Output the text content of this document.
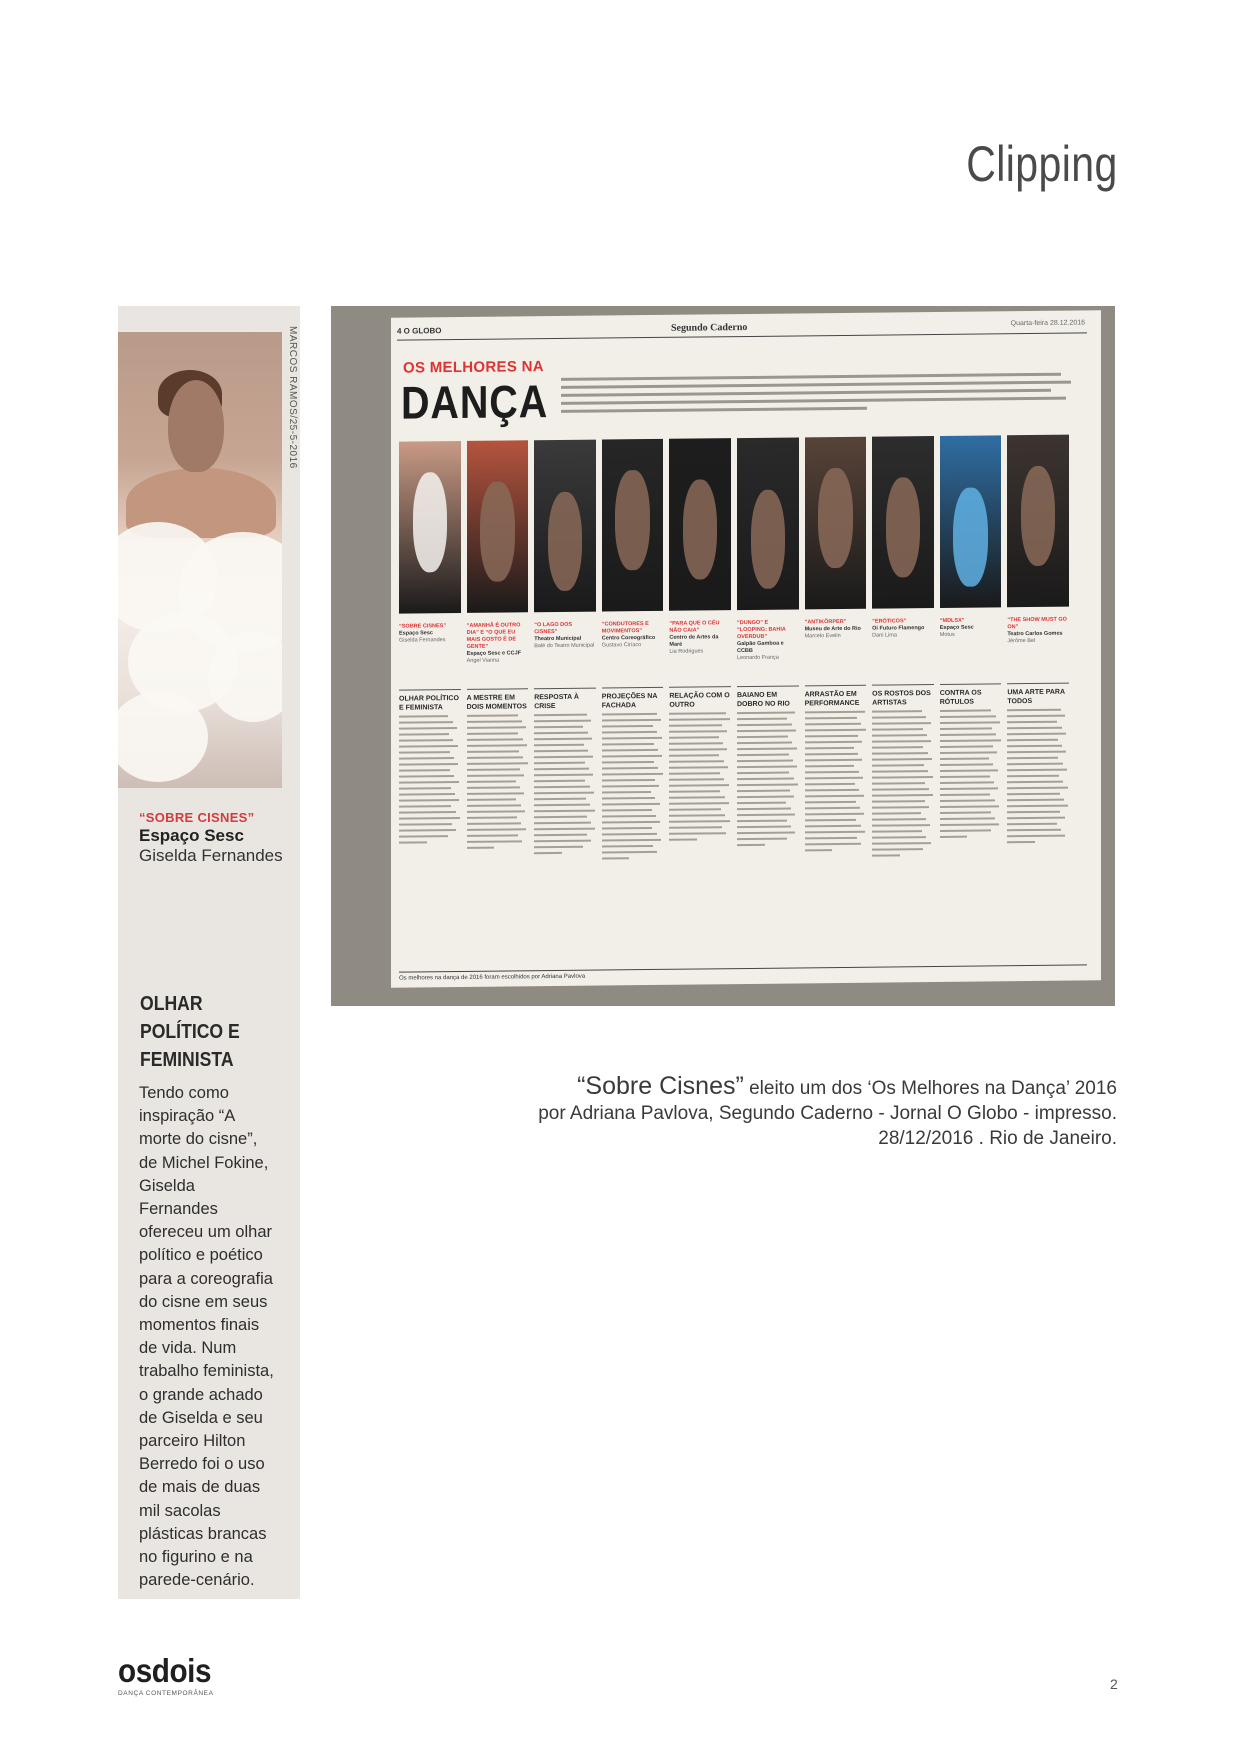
Clipping
MARCOS RAMOS/25-5-2016
“SOBRE CISNES”
Espaço Sesc
Giselda Fernandes
OLHAR POLÍTICO E FEMINISTA
Tendo como
inspiração “A
morte do cisne”,
de Michel Fokine,
Giselda
Fernandes
ofereceu um olhar
político e poético
para a coreografia
do cisne em seus
momentos finais
de vida. Num
trabalho feminista,
o grande achado
de Giselda e seu
parceiro Hilton
Berredo foi o uso
de mais de duas
mil sacolas
plásticas brancas
no figurino e na
parede-cenário.
4 O GLOBO	Segundo Caderno	Quarta-feira 28.12.2016
OS MELHORES NA
DANÇA
“SOBRE CISNES”
Espaço Sesc
Giselda Fernandes
“AMANHÃ É OUTRO DIA” E “O QUE EU MAIS GOSTO É DE GENTE”
Espaço Sesc e CCJF
Angel Vianna
“O LAGO DOS CISNES”
Theatro Municipal
Balé do Teatro Municipal
“CONDUTORES E MOVIMENTOS”
Centro Coreográfico
Gustavo Ciríaco
“PARA QUE O CÉU NÃO CAIA”
Centro de Artes da Maré
Lia Rodrigues
“DUNGO” E “LOOPING: BAHIA OVERDUB”
Galpão Gamboa e CCBB
Leonardo França
“ANTIKÖRPER”
Museu de Arte do Rio
Marcelo Evelin
“ERÓTICOS”
Oi Futuro Flamengo
Dani Lima
“MDLSX”
Espaço Sesc
Motus
“THE SHOW MUST GO ON”
Teatro Carlos Gomes
Jérôme Bel
OLHAR POLÍTICO E FEMINISTA
A MESTRE EM DOIS MOMENTOS
RESPOSTA À CRISE
PROJEÇÕES NA FACHADA
RELAÇÃO COM O OUTRO
BAIANO EM DOBRO NO RIO
ARRASTÃO EM PERFORMANCE
OS ROSTOS DOS ARTISTAS
CONTRA OS RÓTULOS
UMA ARTE PARA TODOS
Os melhores na dança de 2016 foram escolhidos por Adriana Pavlova
“Sobre Cisnes” eleito um dos ‘Os Melhores na Dança’ 2016
por Adriana Pavlova, Segundo Caderno - Jornal O Globo - impresso.
28/12/2016 . Rio de Janeiro.
osdois
DANÇA CONTEMPORÂNEA
2
